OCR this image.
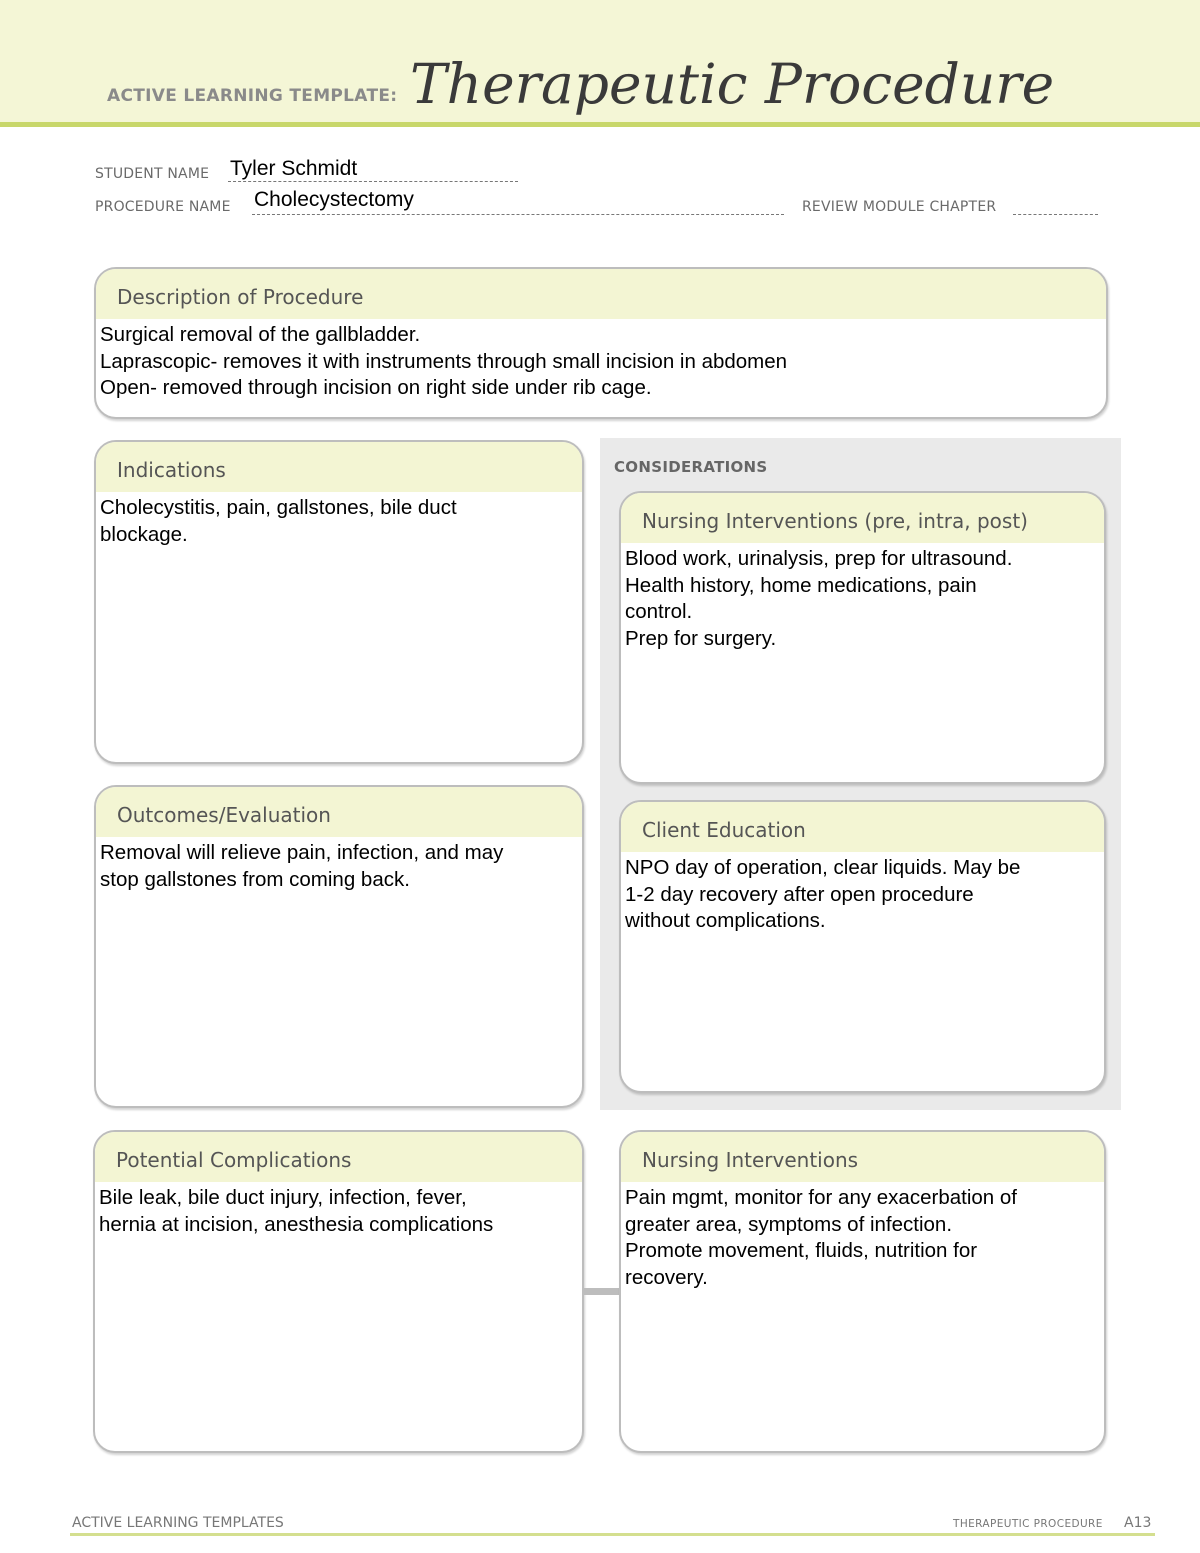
ACTIVE LEARNING TEMPLATE: Therapeutic Procedure
STUDENT NAME Tyler Schmidt
PROCEDURE NAME Cholecystectomy	REVIEW MODULE CHAPTER
Description of Procedure
Surgical removal of the gallbladder.
Laprascopic- removes it with instruments through small incision in abdomen
Open- removed through incision on right side under rib cage.
CONSIDERATIONS
Indications
Cholecystitis, pain, gallstones, bile duct
blockage.
Nursing Interventions (pre, intra, post)
Blood work, urinalysis, prep for ultrasound.
Health history, home medications, pain
control.
Prep for surgery.
Outcomes/Evaluation
Removal will relieve pain, infection, and may
stop gallstones from coming back.
Client Education
NPO day of operation, clear liquids. May be
1-2 day recovery after open procedure
without complications.
Potential Complications
Bile leak, bile duct injury, infection, fever,
hernia at incision, anesthesia complications
Nursing Interventions
Pain mgmt, monitor for any exacerbation of
greater area, symptoms of infection.
Promote movement, fluids, nutrition for
recovery.
ACTIVE LEARNING TEMPLATES	THERAPEUTIC PROCEDURE A13
